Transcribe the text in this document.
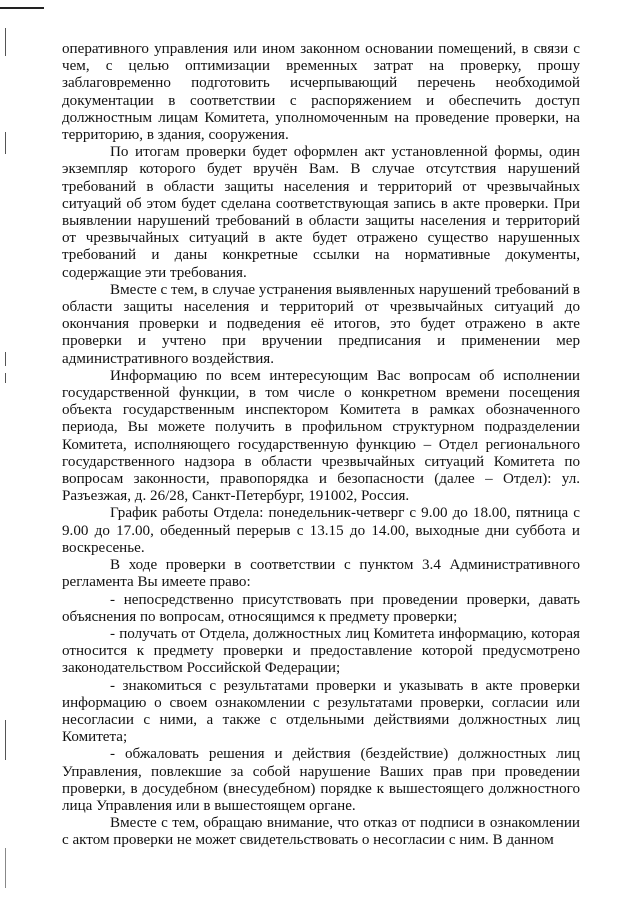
оперативного управления или ином законном основании помещений, в связи с чем, с целью оптимизации временных затрат на проверку, прошу заблаговременно подготовить исчерпывающий перечень необходимой документации в соответствии с распоряжением и обеспечить доступ должностным лицам Комитета, уполномоченным на проведение проверки, на территорию, в здания, сооружения.

По итогам проверки будет оформлен акт установленной формы, один экземпляр которого будет вручён Вам. В случае отсутствия нарушений требований в области защиты населения и территорий от чрезвычайных ситуаций об этом будет сделана соответствующая запись в акте проверки. При выявлении нарушений требований в области защиты населения и территорий от чрезвычайных ситуаций в акте будет отражено существо нарушенных требований и даны конкретные ссылки на нормативные документы, содержащие эти требования.

Вместе с тем, в случае устранения выявленных нарушений требований в области защиты населения и территорий от чрезвычайных ситуаций до окончания проверки и подведения её итогов, это будет отражено в акте проверки и учтено при вручении предписания и применении мер административного воздействия.

Информацию по всем интересующим Вас вопросам об исполнении государственной функции, в том числе о конкретном времени посещения объекта государственным инспектором Комитета в рамках обозначенного периода, Вы можете получить в профильном структурном подразделении Комитета, исполняющего государственную функцию – Отдел регионального государственного надзора в области чрезвычайных ситуаций Комитета по вопросам законности, правопорядка и безопасности (далее – Отдел): ул. Разъезжая, д. 26/28, Санкт-Петербург, 191002, Россия.

График работы Отдела: понедельник-четверг с 9.00 до 18.00, пятница с 9.00 до 17.00, обеденный перерыв с 13.15 до 14.00, выходные дни суббота и воскресенье.

В ходе проверки в соответствии с пунктом 3.4 Административного регламента Вы имеете право:

- непосредственно присутствовать при проведении проверки, давать объяснения по вопросам, относящимся к предмету проверки;

- получать от Отдела, должностных лиц Комитета информацию, которая относится к предмету проверки и предоставление которой предусмотрено законодательством Российской Федерации;

- знакомиться с результатами проверки и указывать в акте проверки информацию о своем ознакомлении с результатами проверки, согласии или несогласии с ними, а также с отдельными действиями должностных лиц Комитета;

- обжаловать решения и действия (бездействие) должностных лиц Управления, повлекшие за собой нарушение Ваших прав при проведении проверки, в досудебном (внесудебном) порядке к вышестоящего должностного лица Управления или в вышестоящем органе.

Вместе с тем, обращаю внимание, что отказ от подписи в ознакомлении с актом проверки не может свидетельствовать о несогласии с ним. В данном
